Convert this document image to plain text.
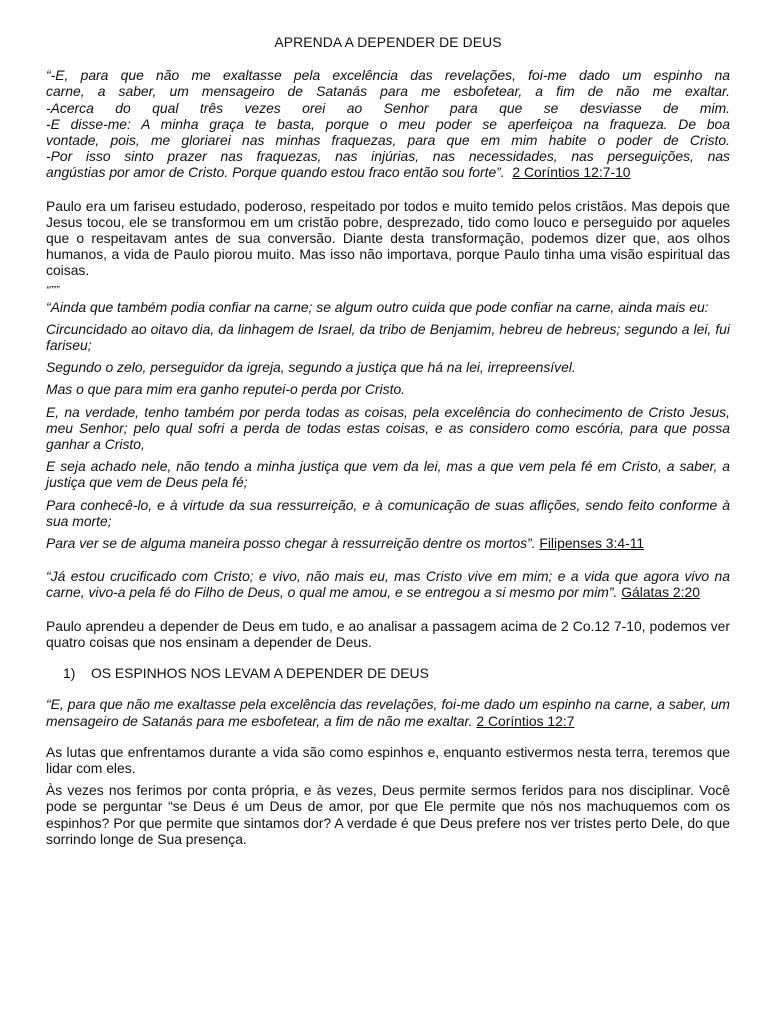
APRENDA A DEPENDER DE DEUS

“-E, para que não me exaltasse pela excelência das revelações, foi-me dado um espinho na
carne, a saber, um mensageiro de Satanás para me esbofetear, a fim de não me exaltar.
-Acerca do qual três vezes orei ao Senhor para que se desviasse de mim.
-E disse-me: A minha graça te basta, porque o meu poder se aperfeiçoa na fraqueza. De boa
vontade, pois, me gloriarei nas minhas fraquezas, para que em mim habite o poder de Cristo.
-Por isso sinto prazer nas fraquezas, nas injúrias, nas necessidades, nas perseguições, nas
angústias por amor de Cristo. Porque quando estou fraco então sou forte”. 2 Coríntios 12:7-10

Paulo era um fariseu estudado, poderoso, respeitado por todos e muito temido pelos cristãos. Mas depois que Jesus tocou, ele se transformou em um cristão pobre, desprezado, tido como louco e perseguido por aqueles que o respeitavam antes de sua conversão. Diante desta transformação, podemos dizer que, aos olhos humanos, a vida de Paulo piorou muito. Mas isso não importava, porque Paulo tinha uma visão espiritual das coisas.

“”””

“Ainda que também podia confiar na carne; se algum outro cuida que pode confiar na carne, ainda mais eu:

Circuncidado ao oitavo dia, da linhagem de Israel, da tribo de Benjamim, hebreu de hebreus; segundo a lei, fui fariseu;

Segundo o zelo, perseguidor da igreja, segundo a justiça que há na lei, irrepreensível.

Mas o que para mim era ganho reputei-o perda por Cristo.

E, na verdade, tenho também por perda todas as coisas, pela excelência do conhecimento de Cristo Jesus, meu Senhor; pelo qual sofri a perda de todas estas coisas, e as considero como escória, para que possa ganhar a Cristo,

E seja achado nele, não tendo a minha justiça que vem da lei, mas a que vem pela fé em Cristo, a saber, a justiça que vem de Deus pela fé;

Para conhecê-lo, e à virtude da sua ressurreição, e à comunicação de suas aflições, sendo feito conforme à sua morte;

Para ver se de alguma maneira posso chegar à ressurreição dentre os mortos”. Filipenses 3:4-11

“Já estou crucificado com Cristo; e vivo, não mais eu, mas Cristo vive em mim; e a vida que agora vivo na carne, vivo-a pela fé do Filho de Deus, o qual me amou, e se entregou a si mesmo por mim”. Gálatas 2:20

Paulo aprendeu a depender de Deus em tudo, e ao analisar a passagem acima de 2 Co.12 7-10, podemos ver quatro coisas que nos ensinam a depender de Deus.

1) OS ESPINHOS NOS LEVAM A DEPENDER DE DEUS

“E, para que não me exaltasse pela excelência das revelações, foi-me dado um espinho na carne, a saber, um mensageiro de Satanás para me esbofetear, a fim de não me exaltar. 2 Coríntios 12:7

As lutas que enfrentamos durante a vida são como espinhos e, enquanto estivermos nesta terra, teremos que lidar com eles.

Às vezes nos ferimos por conta própria, e às vezes, Deus permite sermos feridos para nos disciplinar. Você pode se perguntar “se Deus é um Deus de amor, por que Ele permite que nós nos machuquemos com os espinhos? Por que permite que sintamos dor? A verdade é que Deus prefere nos ver tristes perto Dele, do que sorrindo longe de Sua presença.
